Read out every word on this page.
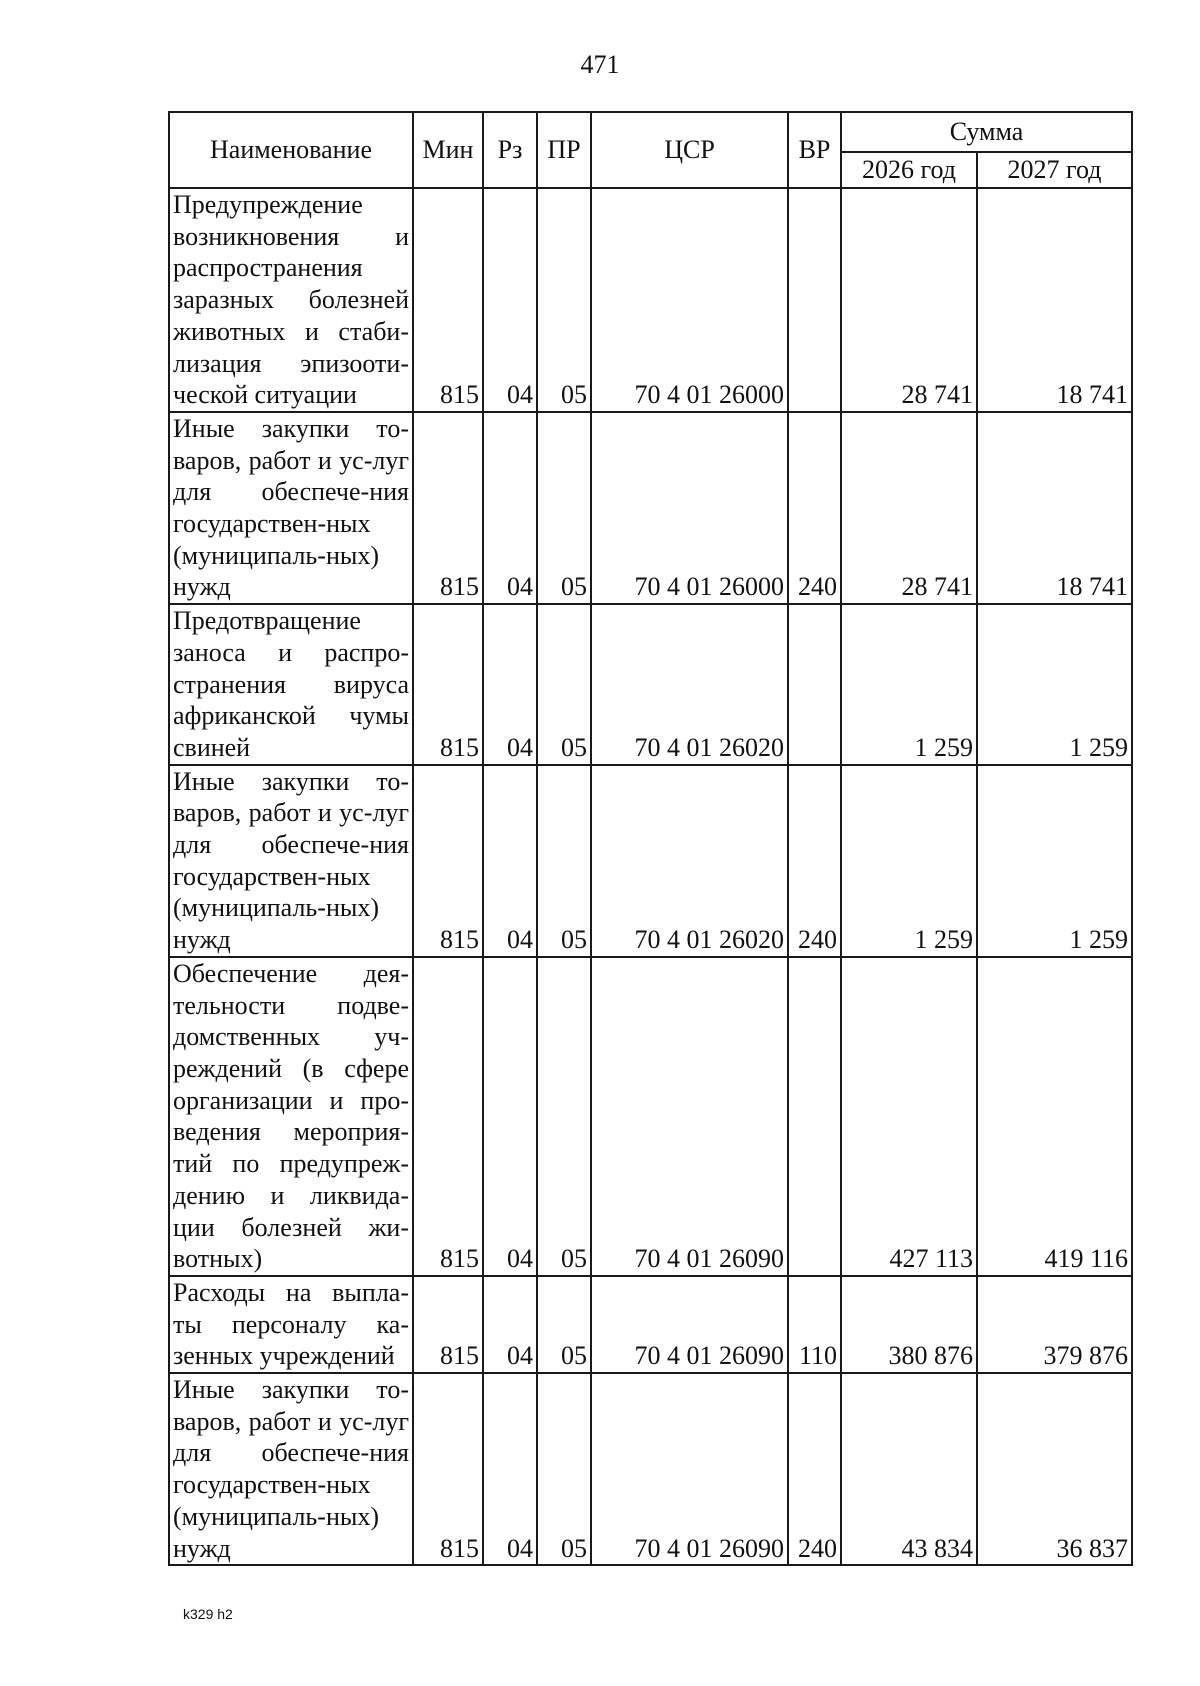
471
Наименование	Мин	Рз	ПР	ЦСР	ВР	Сумма	
						2026 год	2027 год
Предупреждение возникновения и распространения заразных болезней животных и стаби-лизация эпизооти-ческой ситуации	815	04	05	70 4 01 26000		28 741	18 741
Иные закупки то-варов, работ и ус-луг для обеспече-ния государствен-ных (муниципаль-ных) нужд	815	04	05	70 4 01 26000	240	28 741	18 741
Предотвращение заноса и распро-странения вируса африканской чумы свиней	815	04	05	70 4 01 26020		1 259	1 259
Иные закупки то-варов, работ и ус-луг для обеспече-ния государствен-ных (муниципаль-ных) нужд	815	04	05	70 4 01 26020	240	1 259	1 259
Обеспечение дея-тельности подве-домственных уч-реждений (в сфере организации и про-ведения мероприя-тий по предупреж-дению и ликвида-ции болезней жи-вотных)	815	04	05	70 4 01 26090		427 113	419 116
Расходы на выпла-ты персоналу ка-зенных учреждений	815	04	05	70 4 01 26090	110	380 876	379 876
Иные закупки то-варов, работ и ус-луг для обеспече-ния государствен-ных (муниципаль-ных) нужд	815	04	05	70 4 01 26090	240	43 834	36 837
k329 h2
